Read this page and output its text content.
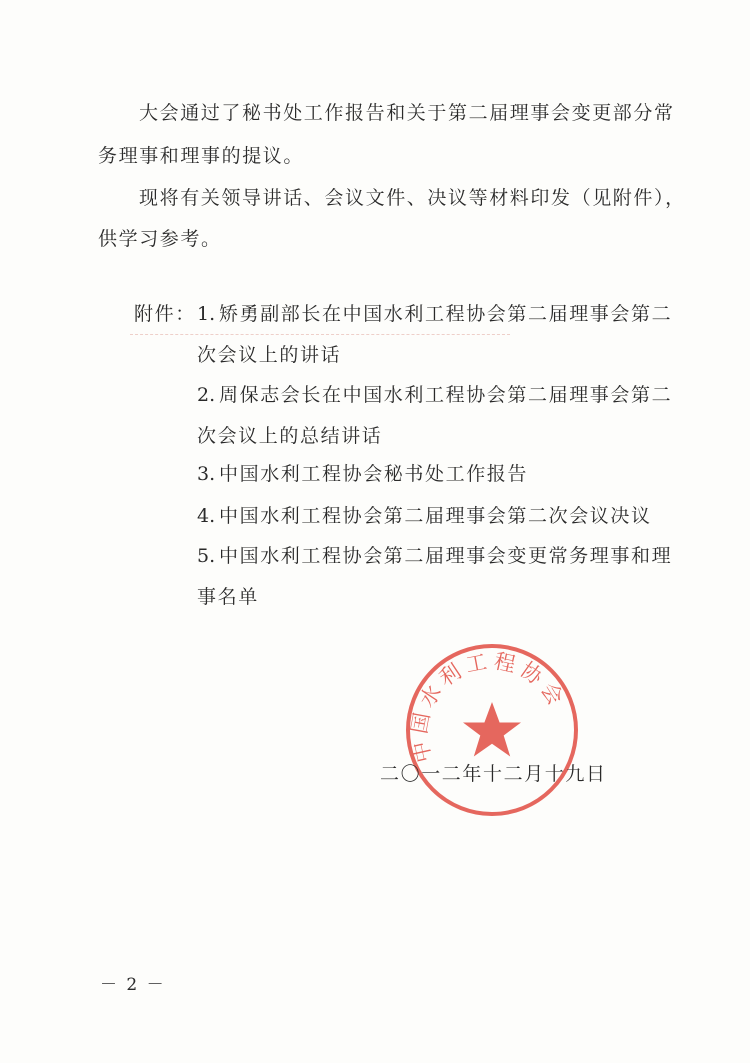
大会通过了秘书处工作报告和关于第二届理事会变更部分常
务理事和理事的提议。
现将有关领导讲话、会议文件、决议等材料印发（见附件），
供学习参考。
附件： 1. 矫勇副部长在中国水利工程协会第二届理事会第二
次会议上的讲话
2. 周保志会长在中国水利工程协会第二届理事会第二
次会议上的总结讲话
3. 中国水利工程协会秘书处工作报告
4. 中国水利工程协会第二届理事会第二次会议决议
5. 中国水利工程协会第二届理事会变更常务理事和理
事名单
中国水利工程协会
二〇一二年十二月十九日
－ 2 －
